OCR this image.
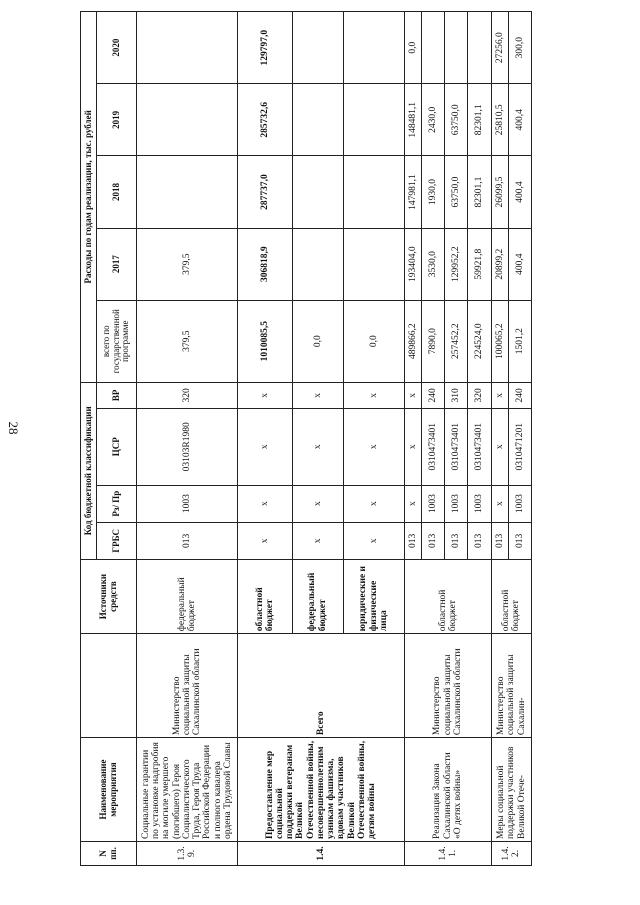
28
N пп.	Наименование мероприятия		Источники средств	Код бюджетной классификации				Расходы по годам реализации, тыс. рублей				
				ГРБС	Рз/ Пр	ЦСР	ВР	всего по государственной программе	2017	2018	2019	2020
1.3. 9.	Социальные гарантии по установке надгробия на могиле умершего (погибшего) Героя Социалистического Труда, Героя Труда Российской Федерации и полного кавалера ордена Трудовой Славы	Министерство социальной защиты Сахалинской области	федеральный бюджет	013	1003	03103R1980	320	379,5	379,5			
1.4.	Предоставление мер социальной поддержки ветеранам Великой Отечественной войны, несовершеннолетним узникам фашизма, вдовам участников Великой Отечественной войны, детям войны	Всего	областной бюджет	x	x	x	x	1010085,5	306818,9	287737,0	285732,6	129797,0
			федеральный бюджет	x	x	x	x	0,0				
			юридические и физические лица	x	x	x	x	0,0				
1.4. 1.	Реализация Закона Сахалинской области «О детях войны»	Министерство социальной защиты Сахалинской области	областной бюджет	013	x	x	x	489866,2	193404,0	147981,1	148481,1	0,0
				013	1003	0310473401	240	7890,0	3530,0	1930,0	2430,0	
				013	1003	0310473401	310	257452,2	129952,2	63750,0	63750,0	
				013	1003	0310473401	320	224524,0	59921,8	82301,1	82301,1	
1.4. 2.	Меры социальной поддержки участников Великой Отече-	Министерство социальной защиты Сахалин-	областной бюджет	013	x	x	x	100065,2	20899,2	26099,5	25810,5	27256,0
				013	1003	0310471201	240	1501,2	400,4	400,4	400,4	300,0
